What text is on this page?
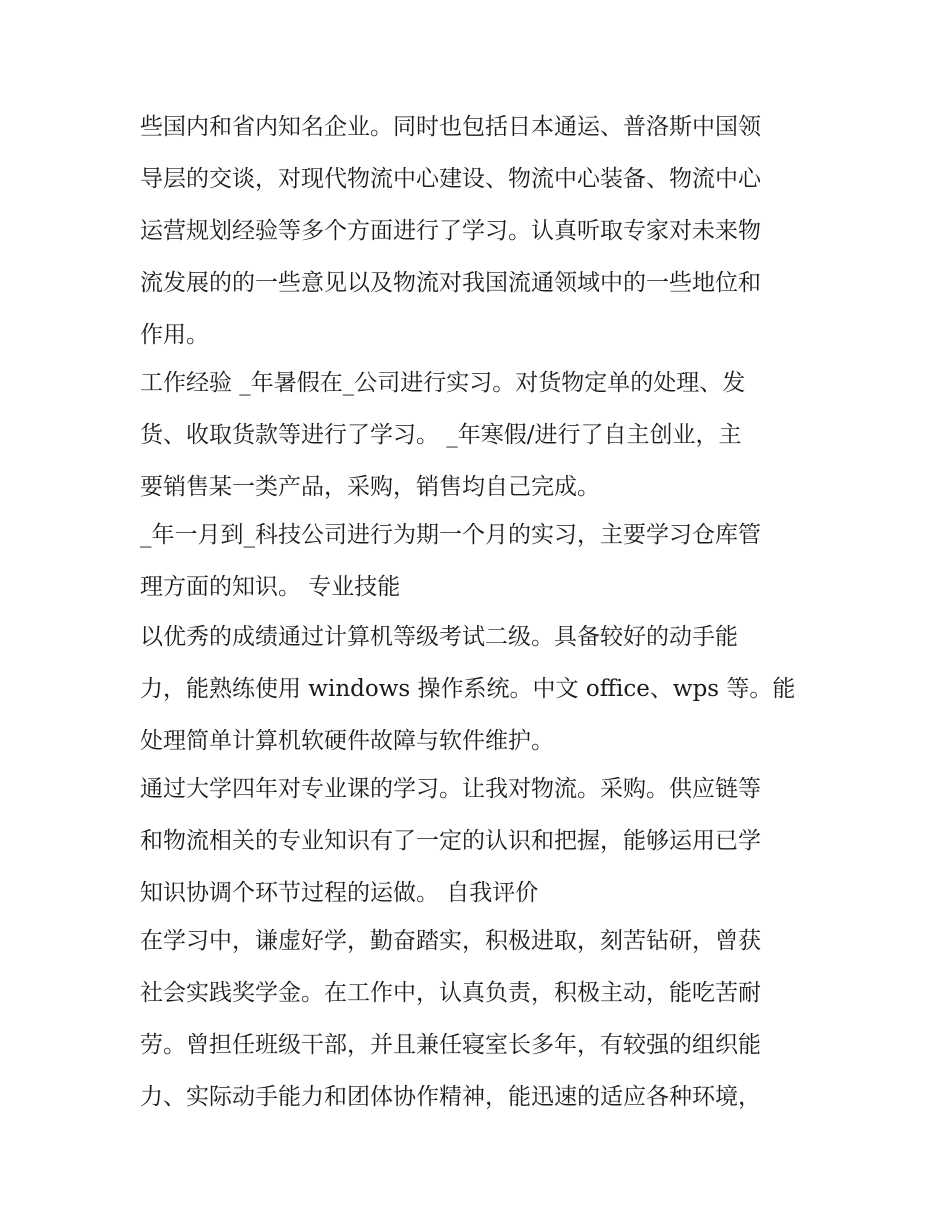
些国内和省内知名企业。同时也包括日本通运、普洛斯中国领
导层的交谈，对现代物流中心建设、物流中心装备、物流中心
运营规划经验等多个方面进行了学习。认真听取专家对未来物
流发展的的一些意见以及物流对我国流通领域中的一些地位和
作用。
工作经验 _年暑假在_公司进行实习。对货物定单的处理、发
货、收取货款等进行了学习。 _年寒假/进行了自主创业，主
要销售某一类产品，采购，销售均自己完成。
_年一月到_科技公司进行为期一个月的实习，主要学习仓库管
理方面的知识。 专业技能
以优秀的成绩通过计算机等级考试二级。具备较好的动手能
力，能熟练使用 windows 操作系统。中文 office、wps 等。能
处理简单计算机软硬件故障与软件维护。
通过大学四年对专业课的学习。让我对物流。采购。供应链等
和物流相关的专业知识有了一定的认识和把握，能够运用已学
知识协调个环节过程的运做。 自我评价
在学习中，谦虚好学，勤奋踏实，积极进取，刻苦钻研，曾获
社会实践奖学金。在工作中，认真负责，积极主动，能吃苦耐
劳。曾担任班级干部，并且兼任寝室长多年，有较强的组织能
力、实际动手能力和团体协作精神，能迅速的适应各种环境，
